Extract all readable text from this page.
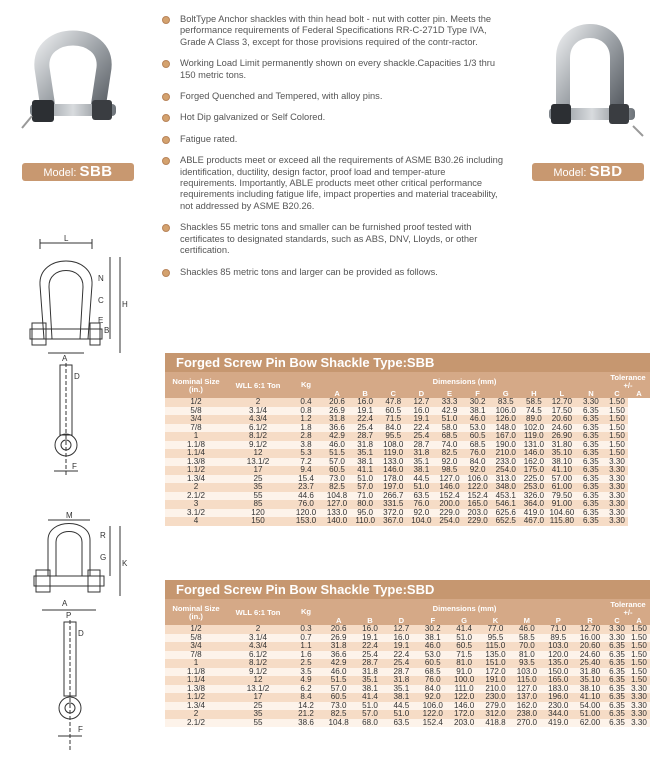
Model: SBB	Model: SBD
BoltType Anchor shackles with thin head bolt - nut with cotter pin. Meets the performance requirements of Federal Specifications RR-C-271D Type IVA, Grade A Class 3, except for those provisions required of the contr-ractor.
Working Load Limit permanently shown on every shackle.Capacities 1/3 thru 150 metric tons.
Forged Quenched and Tempered, with alloy pins.
Hot Dip galvanized or Self Colored.
Fatigue rated.
ABLE products meet or exceed all the requirements of ASME B30.26 including identification, ductility, design factor, proof load and temper-ature requirements. Importantly, ABLE products meet other critical performance requirements including fatigue life, impact properties and material traceability, not addressed by ASME B20.26.
Shackles 55 metric tons and smaller can be furnished proof tested with certificates to designated standards, such as ABS, DNV, Lloyds, or other certification.
Shackles 85 metric tons and larger can be provided as follows.
L
N
C H
B
E
A
D
F
M
R
G
K
A
D
P
F
Forged Screw Pin Bow Shackle Type:SBB
Nominal Size (in.)	WLL 6:1 Ton	Kg	Dimensions (mm)										Tolerance +/-	
			A	B	C	D	E	F	G	H	L	N	C	A
1/2	2	0.4	20.6	16.0	47.8	12.7	33.3	30.2	83.5	58.5	12.70	3.30	1.50	
5/8	3.1/4	0.8	26.9	19.1	60.5	16.0	42.9	38.1	106.0	74.5	17.50	6.35	1.50	
3/4	4.3/4	1.2	31.8	22.4	71.5	19.1	51.0	46.0	126.0	89.0	20.60	6.35	1.50	
7/8	6.1/2	1.8	36.6	25.4	84.0	22.4	58.0	53.0	148.0	102.0	24.60	6.35	1.50	
1	8.1/2	2.8	42.9	28.7	95.5	25.4	68.5	60.5	167.0	119.0	26.90	6.35	1.50	
1.1/8	9.1/2	3.8	46.0	31.8	108.0	28.7	74.0	68.5	190.0	131.0	31.80	6.35	1.50	
1.1/4	12	5.3	51.5	35.1	119.0	31.8	82.5	76.0	210.0	146.0	35.10	6.35	1.50	
1.3/8	13.1/2	7.2	57.0	38.1	133.0	35.1	92.0	84.0	233.0	162.0	38.10	6.35	3.30	
1.1/2	17	9.4	60.5	41.1	146.0	38.1	98.5	92.0	254.0	175.0	41.10	6.35	3.30	
1.3/4	25	15.4	73.0	51.0	178.0	44.5	127.0	106.0	313.0	225.0	57.00	6.35	3.30	
2	35	23.7	82.5	57.0	197.0	51.0	146.0	122.0	348.0	253.0	61.00	6.35	3.30	
2.1/2	55	44.6	104.8	71.0	266.7	63.5	152.4	152.4	453.1	326.0	79.50	6.35	3.30	
3	85	76.0	127.0	80.0	331.5	76.0	200.0	165.0	546.1	364.0	91.00	6.35	3.30	
3.1/2	120	120.0	133.0	95.0	372.0	92.0	229.0	203.0	625.6	419.0	104.60	6.35	3.30	
4	150	153.0	140.0	110.0	367.0	104.0	254.0	229.0	652.5	467.0	115.80	6.35	3.30	
Forged Screw Pin Bow Shackle Type:SBD
Nominal Size (in.)	WLL 6:1 Ton	Kg	Dimensions (mm)									Tolerance +/-	
			A	B	D	F	G	K	M	P	R	C	A
1/2	2	0.3	20.6	16.0	12.7	30.2	41.4	77.0	46.0	71.0	12.70	3.30	1.50
5/8	3.1/4	0.7	26.9	19.1	16.0	38.1	51.0	95.5	58.5	89.5	16.00	3.30	1.50
3/4	4.3/4	1.1	31.8	22.4	19.1	46.0	60.5	115.0	70.0	103.0	20.60	6.35	1.50
7/8	6.1/2	1.6	36.6	25.4	22.4	53.0	71.5	135.0	81.0	120.0	24.60	6.35	1.50
1	8.1/2	2.5	42.9	28.7	25.4	60.5	81.0	151.0	93.5	135.0	25.40	6.35	1.50
1.1/8	9.1/2	3.5	46.0	31.8	28.7	68.5	91.0	172.0	103.0	150.0	31.80	6.35	1.50
1.1/4	12	4.9	51.5	35.1	31.8	76.0	100.0	191.0	115.0	165.0	35.10	6.35	1.50
1.3/8	13.1/2	6.2	57.0	38.1	35.1	84.0	111.0	210.0	127.0	183.0	38.10	6.35	3.30
1.1/2	17	8.4	60.5	41.4	38.1	92.0	122.0	230.0	137.0	196.0	41.10	6.35	3.30
1.3/4	25	14.2	73.0	51.0	44.5	106.0	146.0	279.0	162.0	230.0	54.00	6.35	3.30
2	35	21.2	82.5	57.0	51.0	122.0	172.0	312.0	238.0	344.0	51.00	6.35	3.30
2.1/2	55	38.6	104.8	68.0	63.5	152.4	203.0	418.8	270.0	419.0	62.00	6.35	3.30
